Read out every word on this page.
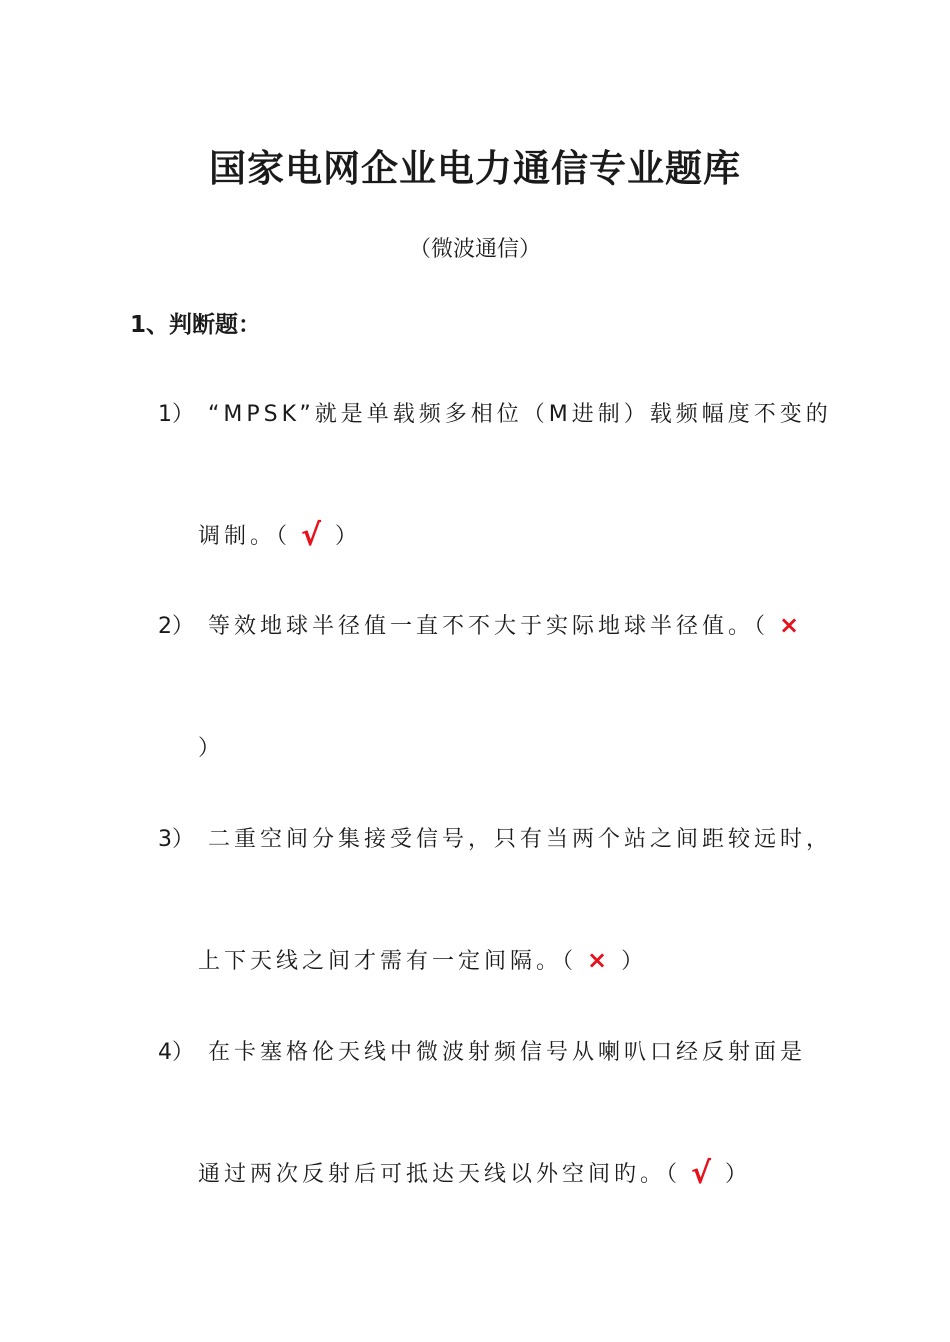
国家电网企业电力通信专业题库
（微波通信）
1、判断题：
1） “MPSK”就是单载频多相位（M进制）载频幅度不变的
调制。（ √ ）
2） 等效地球半径值一直不不大于实际地球半径值。（ ×
）
3） 二重空间分集接受信号，只有当两个站之间距较远时，
上下天线之间才需有一定间隔。（ × ）
4） 在卡塞格伦天线中微波射频信号从喇叭口经反射面是
通过两次反射后可抵达天线以外空间旳。（ √ ）
